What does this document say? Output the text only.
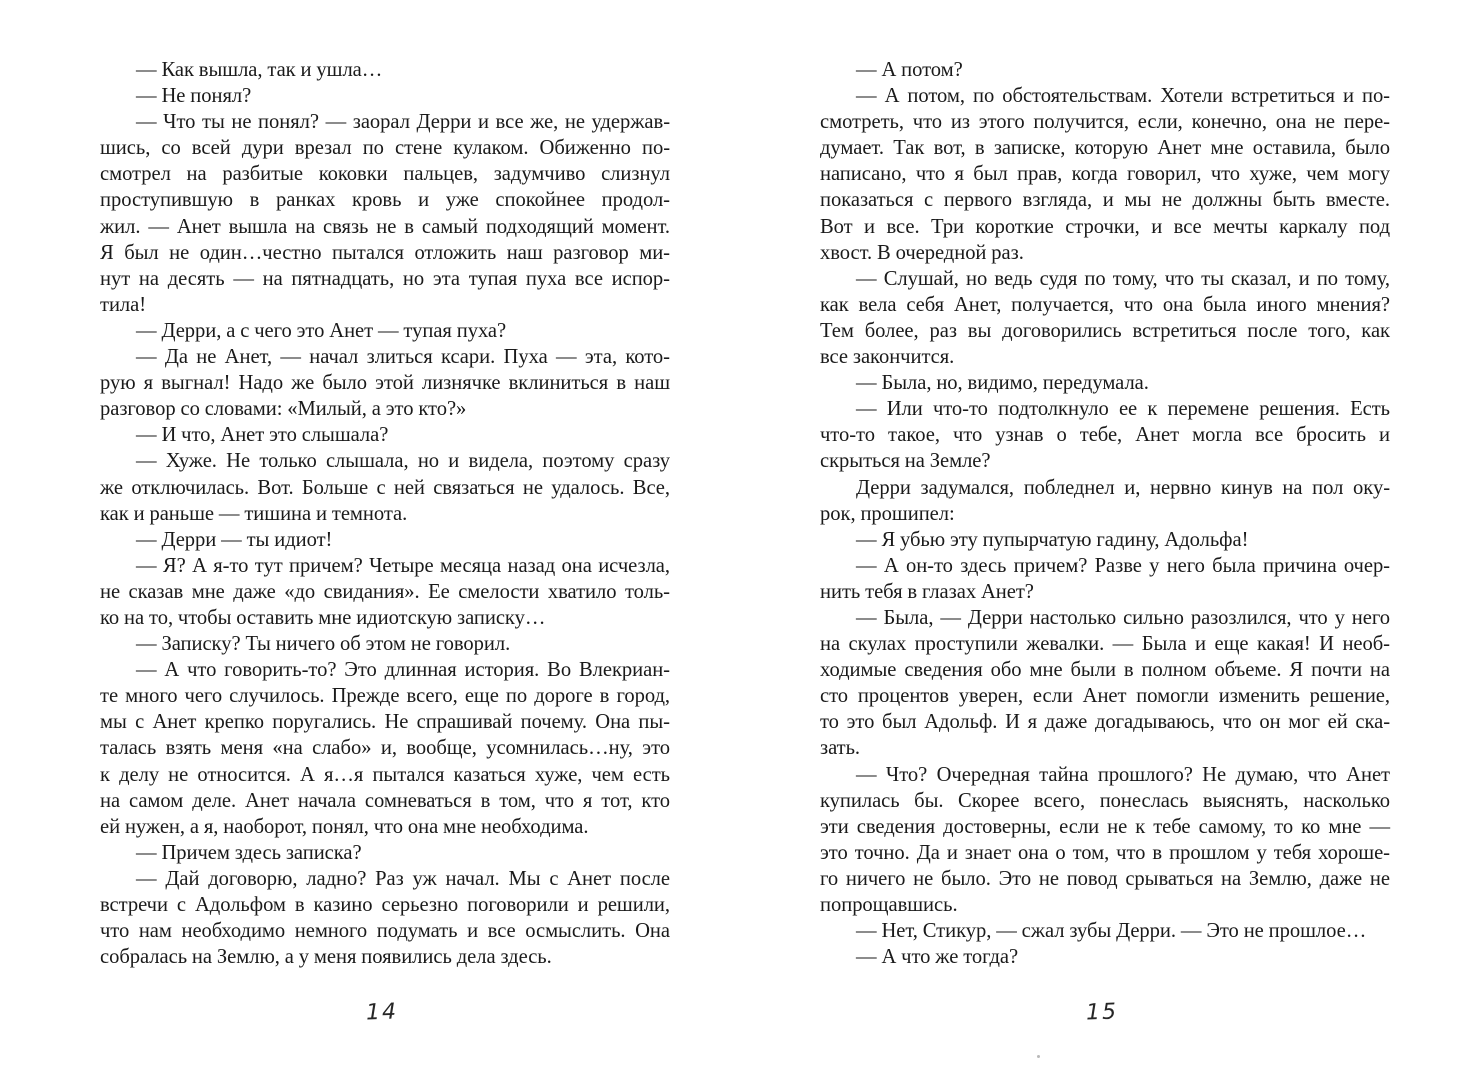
— Как вышла, так и ушла…
— Не понял?
— Что ты не понял? — заорал Дерри и все же, не удержав-
шись, со всей дури врезал по стене кулаком. Обиженно по-
смотрел на разбитые коковки пальцев, задумчиво слизнул
проступившую в ранках кровь и уже спокойнее продол-
жил. — Анет вышла на связь не в самый подходящий момент.
Я был не один…честно пытался отложить наш разговор ми-
нут на десять — на пятнадцать, но эта тупая пуха все испор-
тила!
— Дерри, а с чего это Анет — тупая пуха?
— Да не Анет, — начал злиться ксари. Пуха — эта, кото-
рую я выгнал! Надо же было этой лизнячке вклиниться в наш
разговор со словами: «Милый, а это кто?»
— И что, Анет это слышала?
— Хуже. Не только слышала, но и видела, поэтому сразу
же отключилась. Вот. Больше с ней связаться не удалось. Все,
как и раньше — тишина и темнота.
— Дерри — ты идиот!
— Я? А я-то тут причем? Четыре месяца назад она исчезла,
не сказав мне даже «до свидания». Ее смелости хватило толь-
ко на то, чтобы оставить мне идиотскую записку…
— Записку? Ты ничего об этом не говорил.
— А что говорить-то? Это длинная история. Во Влекриан-
те много чего случилось. Прежде всего, еще по дороге в город,
мы с Анет крепко поругались. Не спрашивай почему. Она пы-
талась взять меня «на слабо» и, вообще, усомнилась…ну, это
к делу не относится. А я…я пытался казаться хуже, чем есть
на самом деле. Анет начала сомневаться в том, что я тот, кто
ей нужен, а я, наоборот, понял, что она мне необходима.
— Причем здесь записка?
— Дай договорю, ладно? Раз уж начал. Мы с Анет после
встречи с Адольфом в казино серьезно поговорили и решили,
что нам необходимо немного подумать и все осмыслить. Она
собралась на Землю, а у меня появились дела здесь.
— А потом?
— А потом, по обстоятельствам. Хотели встретиться и по-
смотреть, что из этого получится, если, конечно, она не пере-
думает. Так вот, в записке, которую Анет мне оставила, было
написано, что я был прав, когда говорил, что хуже, чем могу
показаться с первого взгляда, и мы не должны быть вместе.
Вот и все. Три короткие строчки, и все мечты каркалу под
хвост. В очередной раз.
— Слушай, но ведь судя по тому, что ты сказал, и по тому,
как вела себя Анет, получается, что она была иного мнения?
Тем более, раз вы договорились встретиться после того, как
все закончится.
— Была, но, видимо, передумала.
— Или что-то подтолкнуло ее к перемене решения. Есть
что-то такое, что узнав о тебе, Анет могла все бросить и
скрыться на Земле?
Дерри задумался, побледнел и, нервно кинув на пол оку-
рок, прошипел:
— Я убью эту пупырчатую гадину, Адольфа!
— А он-то здесь причем? Разве у него была причина очер-
нить тебя в глазах Анет?
— Была, — Дерри настолько сильно разозлился, что у него
на скулах проступили жевалки. — Была и еще какая! И необ-
ходимые сведения обо мне были в полном объеме. Я почти на
сто процентов уверен, если Анет помогли изменить решение,
то это был Адольф. И я даже догадываюсь, что он мог ей ска-
зать.
— Что? Очередная тайна прошлого? Не думаю, что Анет
купилась бы. Скорее всего, понеслась выяснять, насколько
эти сведения достоверны, если не к тебе самому, то ко мне —
это точно. Да и знает она о том, что в прошлом у тебя хороше-
го ничего не было. Это не повод срываться на Землю, даже не
попрощавшись.
— Нет, Стикур, — сжал зубы Дерри. — Это не прошлое…
— А что же тогда?
14	15
